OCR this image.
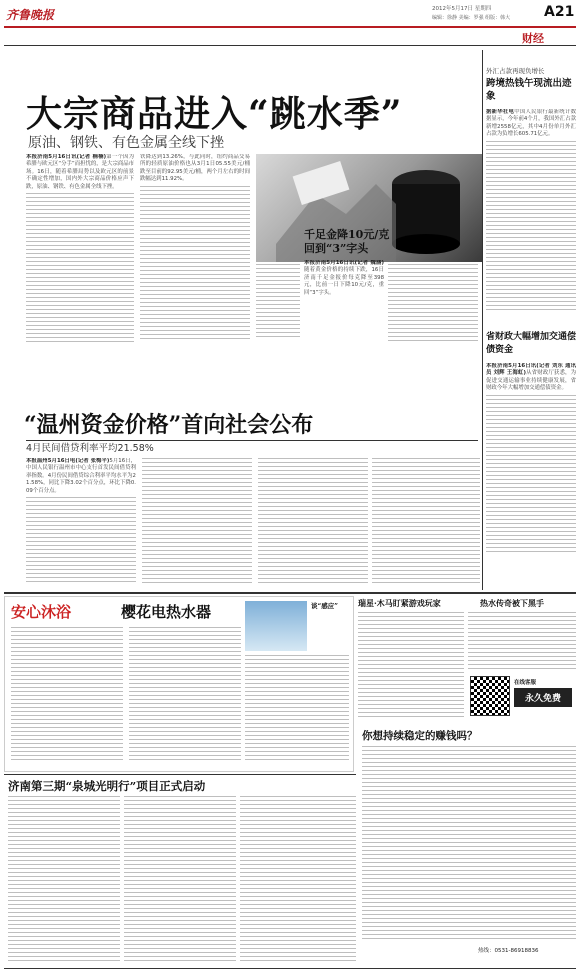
齐鲁晚报	2012年5月17日 星期四
编辑：徐静 美编：罗强 组版：韩大 A21
财经
大宗商品进入“跳水季”
原油、钢铁、有色金属全线下挫
本报济南5月16日讯(记者 楠楠)第一个因为希腊与欧元区“分手”而担忧的，是大宗商品市场。16日，随着希腊局势以及欧元区的前景不确定性增加，国内外大宗商品价格应声下跌，原油、钢铁、有色金属全线下挫。
铁降达到13.26%，与此同时，纽约商品交易所的轻质原油价格也从3月1日05.55美元/桶跌至目前的92.95美元/桶，两个月左右的时间跌幅达到11.92%。
千足金降10元/克
回到“3”字头
本报济南5月16日讯(记者 魏涵)随着黄金价格的持续下跌，16日济南千足金报价每克降至398元，比前一日下降10元/克，重回“3”字头。
“温州资金价格”首向社会公布
4月民间借贷利率平均21.58%
本报温州5月16日电(记者 张梅平)5月16日，中国人民银行温州市中心支行首发民间借贷利率指数。4月份民间借贷综合利率平均水平为21.58%，同比下降3.02个百分点，环比下降0.09个百分点。
外汇占款再现负增长
跨境热钱午现流出迹象
据新华社电中国人民银行最新统计数据显示，今年前4个月，我国外汇占款新增2558亿元，其中4月份单月外汇占款为负增长605.71亿元。
省财政大幅增加交通偿债资金
本报济南5月16日讯(记者 刘东 通讯员 刘辉 王海虹)从省财政厅获悉，为促进交通运输事业持续健康发展，省财政今年大幅增加交通偿债资金。
安心沐浴	樱花电热水器	谈“感应”	瑞星·木马盯紧游戏玩家	热水传奇被下黑手
在线客服
永久免费
你想持续稳定的赚钱吗？
济南第三期“泉城光明行”项目正式启动
热线：0531-86918836
